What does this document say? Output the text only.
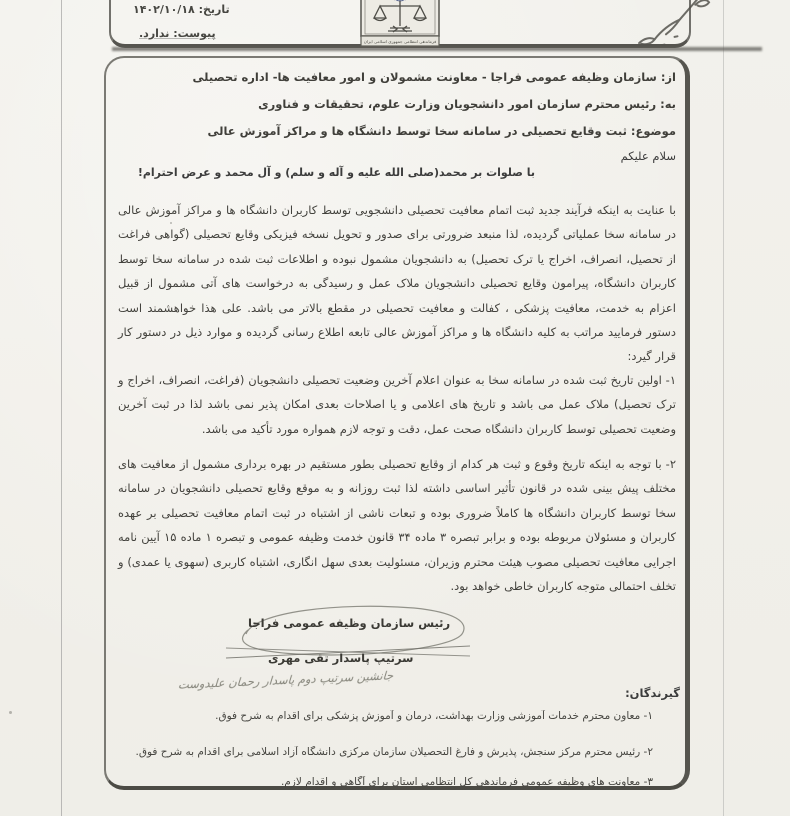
تاریخ: ۱۴۰۲/۱۰/۱۸
پیوست: ندارد.
فرماندهی انتظامی جمهوری اسلامی ایران
از: سازمان وظیفه عمومی فراجا - معاونت مشمولان و امور معافیت ها- اداره تحصیلی
به: رئیس محترم سازمان امور دانشجویان وزارت علوم، تحقیقات و فناوری
موضوع: ثبت وقایع تحصیلی در سامانه سخا توسط دانشگاه ها و مراکز آموزش عالی
سلام علیکم
با صلوات بر محمد(صلی الله علیه و آله و سلم) و آل محمد و عرض احترام!
با عنایت به اینکه فرآیند جدید ثبت اتمام معافیت تحصیلی دانشجویی توسط کاربران دانشگاه ها و مراکز آموزش عالی در سامانه سخا عملیاتی گردیده، لذا منبعد ضرورتی برای صدور و تحویل نسخه فیزیکی وقایع تحصیلی (گواهی فراغت از تحصیل، انصراف، اخراج یا ترک تحصیل) به دانشجویان مشمول نبوده و اطلاعات ثبت شده در سامانه سخا توسط کاربران دانشگاه، پیرامون وقایع تحصیلی دانشجویان ملاک عمل و رسیدگی به درخواست های آتی مشمول از قبیل اعزام به خدمت، معافیت پزشکی ، کفالت و معافیت تحصیلی در مقطع بالاتر می باشد. علی هذا خواهشمند است دستور فرمایید مراتب به کلیه دانشگاه ها و مراکز آموزش عالی تابعه اطلاع رسانی گردیده و موارد ذیل در دستور کار قرار گیرد:
۱- اولین تاریخ ثبت شده در سامانه سخا به عنوان اعلام آخرین وضعیت تحصیلی دانشجویان (فراغت، انصراف، اخراج و ترک تحصیل) ملاک عمل می باشد و تاریخ های اعلامی و یا اصلاحات بعدی امکان پذیر نمی باشد لذا در ثبت آخرین وضعیت تحصیلی توسط کاربران دانشگاه صحت عمل، دقت و توجه لازم همواره مورد تأکید می باشد.
۲- با توجه به اینکه تاریخ وقوع و ثبت هر کدام از وقایع تحصیلی بطور مستقیم در بهره برداری مشمول از معافیت های مختلف پیش بینی شده در قانون تأثیر اساسی داشته لذا ثبت روزانه و به موقع وقایع تحصیلی دانشجویان در سامانه سخا توسط کاربران دانشگاه ها کاملاً ضروری بوده و تبعات ناشی از اشتباه در ثبت اتمام معافیت تحصیلی بر عهده کاربران و مسئولان مربوطه بوده و برابر تبصره ۳ ماده ۳۴ قانون خدمت وظیفه عمومی و تبصره ۱ ماده ۱۵ آیین نامه اجرایی معافیت تحصیلی مصوب هیئت محترم وزیران، مسئولیت بعدی سهل انگاری، اشتباه کاربری (سهوی یا عمدی) و تخلف احتمالی متوجه کاربران خاطی خواهد بود.
رئیس سازمان وظیفه عمومی فراجا
سرتیپ پاسدار تقی مهری
جانشین سرتیپ دوم پاسدار رحمان علیدوست
گیرندگان:
۱- معاون محترم خدمات آموزشی وزارت بهداشت، درمان و آموزش پزشکی برای اقدام به شرح فوق.
۲- رئیس محترم مرکز سنجش، پذیرش و فارغ التحصیلان سازمان مرکزی دانشگاه آزاد اسلامی برای اقدام به شرح فوق.
۳- معاونت های وظیفه عمومی فرماندهی کل انتظامی استان برای آگاهی و اقدام لازم.
